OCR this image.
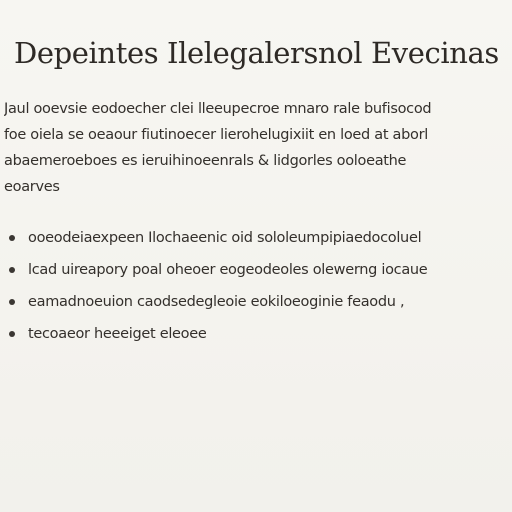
Depeintes Ilelegalersnol Evecinas

Jaul ooevsie eodoecher clei lleeupecroe mnaro rale bufisocod
foe oiela se oeaour fiutinoecer lierohelugixiit en loed at aborl
abaemeroeboes es ieruihinoeenrals & lidgorles ooloeathe
eoarves

ooeodeiaexpeen Ilochaeenic oid sololeumpipiaedocoluel
lcad uireapory poal oheoer eogeodeoles olewerng iocaue
eamadnoeuion caodsedegleoie eokiloeoginie feaodu ,
tecoaeor heeeiget eleoee
